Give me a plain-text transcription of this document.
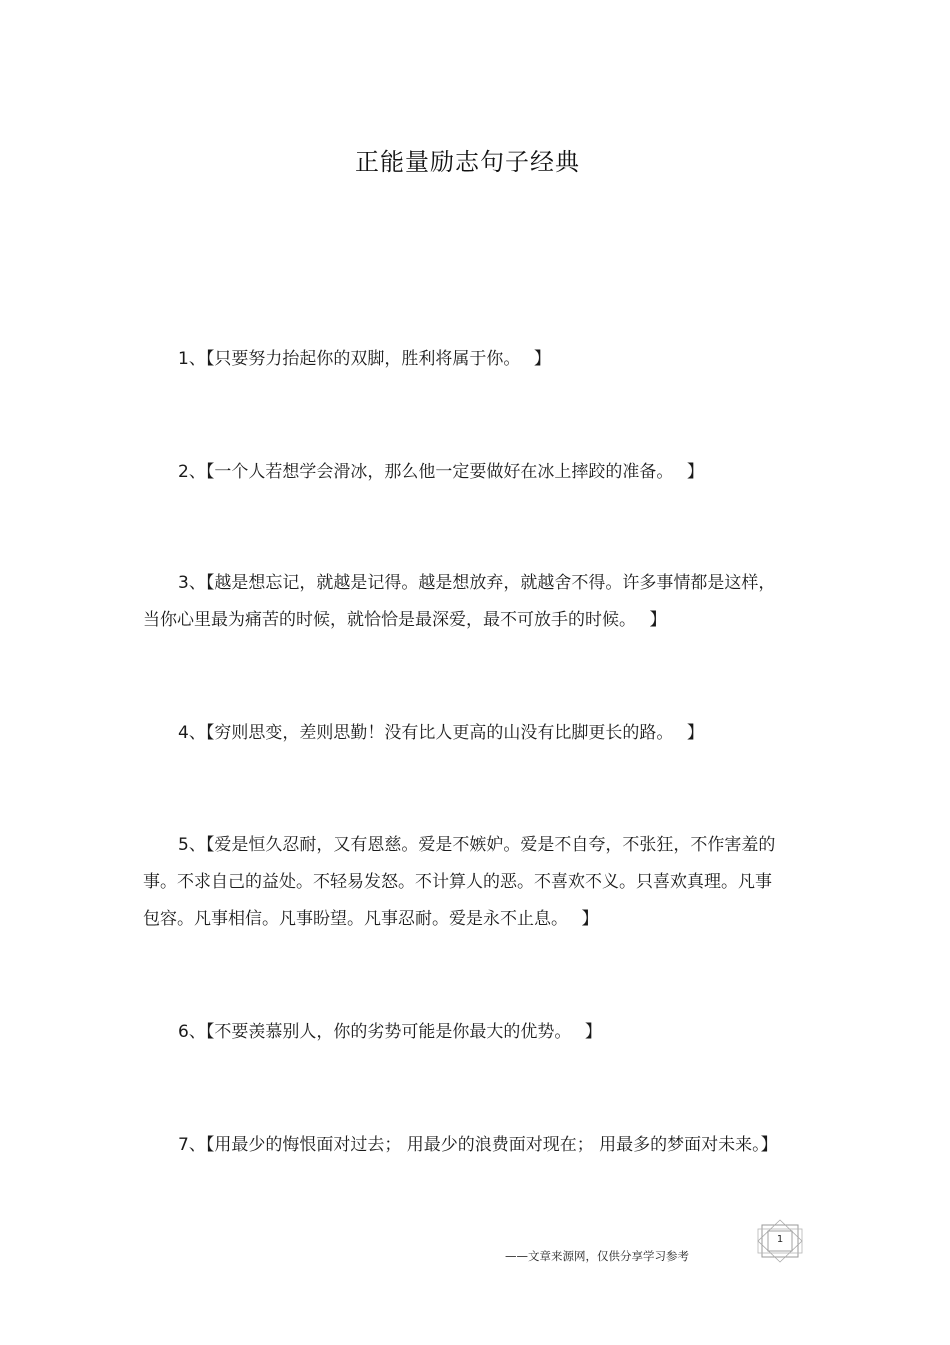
正能量励志句子经典
1、【只要努力抬起你的双脚，胜利将属于你。 】
2、【一个人若想学会滑冰，那么他一定要做好在冰上摔跤的准备。 】
3、【越是想忘记，就越是记得。越是想放弃，就越舍不得。许多事情都是这样，当你心里最为痛苦的时候，就恰恰是最深爱，最不可放手的时候。 】
4、【穷则思变，差则思勤！没有比人更高的山没有比脚更长的路。 】
5、【爱是恒久忍耐，又有恩慈。爱是不嫉妒。爱是不自夸，不张狂，不作害羞的事。不求自己的益处。不轻易发怒。不计算人的恶。不喜欢不义。只喜欢真理。凡事包容。凡事相信。凡事盼望。凡事忍耐。爱是永不止息。 】
6、【不要羡慕别人，你的劣势可能是你最大的优势。 】
7、【用最少的悔恨面对过去； 用最少的浪费面对现在； 用最多的梦面对未来。】
——文章来源网，仅供分享学习参考
1
